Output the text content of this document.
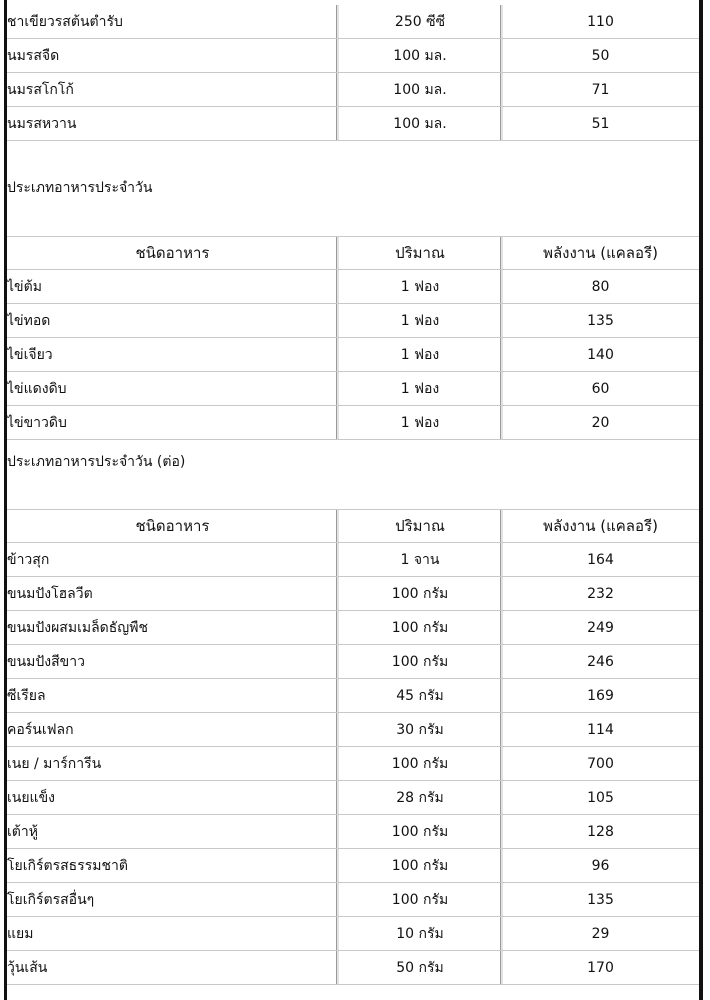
ชาเขียวรสต้นตำรับ	250 ซีซี	110
นมรสจืด	100 มล.	50
นมรสโกโก้	100 มล.	71
นมรสหวาน	100 มล.	51
ประเภทอาหารประจำวัน
ชนิดอาหาร	ปริมาณ	พลังงาน (แคลอรี)
ไข่ต้ม	1 ฟอง	80
ไข่ทอด	1 ฟอง	135
ไข่เจียว	1 ฟอง	140
ไข่แดงดิบ	1 ฟอง	60
ไข่ขาวดิบ	1 ฟอง	20
ประเภทอาหารประจำวัน (ต่อ)
ชนิดอาหาร	ปริมาณ	พลังงาน (แคลอรี)
ข้าวสุก	1 จาน	164
ขนมปังโฮลวีต	100 กรัม	232
ขนมปังผสมเมล็ดธัญพืช	100 กรัม	249
ขนมปังสีขาว	100 กรัม	246
ซีเรียล	45 กรัม	169
คอร์นเฟลก	30 กรัม	114
เนย / มาร์การีน	100 กรัม	700
เนยแข็ง	28 กรัม	105
เต้าหู้	100 กรัม	128
โยเกิร์ตรสธรรมชาติ	100 กรัม	96
โยเกิร์ตรสอื่นๆ	100 กรัม	135
แยม	10 กรัม	29
วุ้นเส้น	50 กรัม	170
